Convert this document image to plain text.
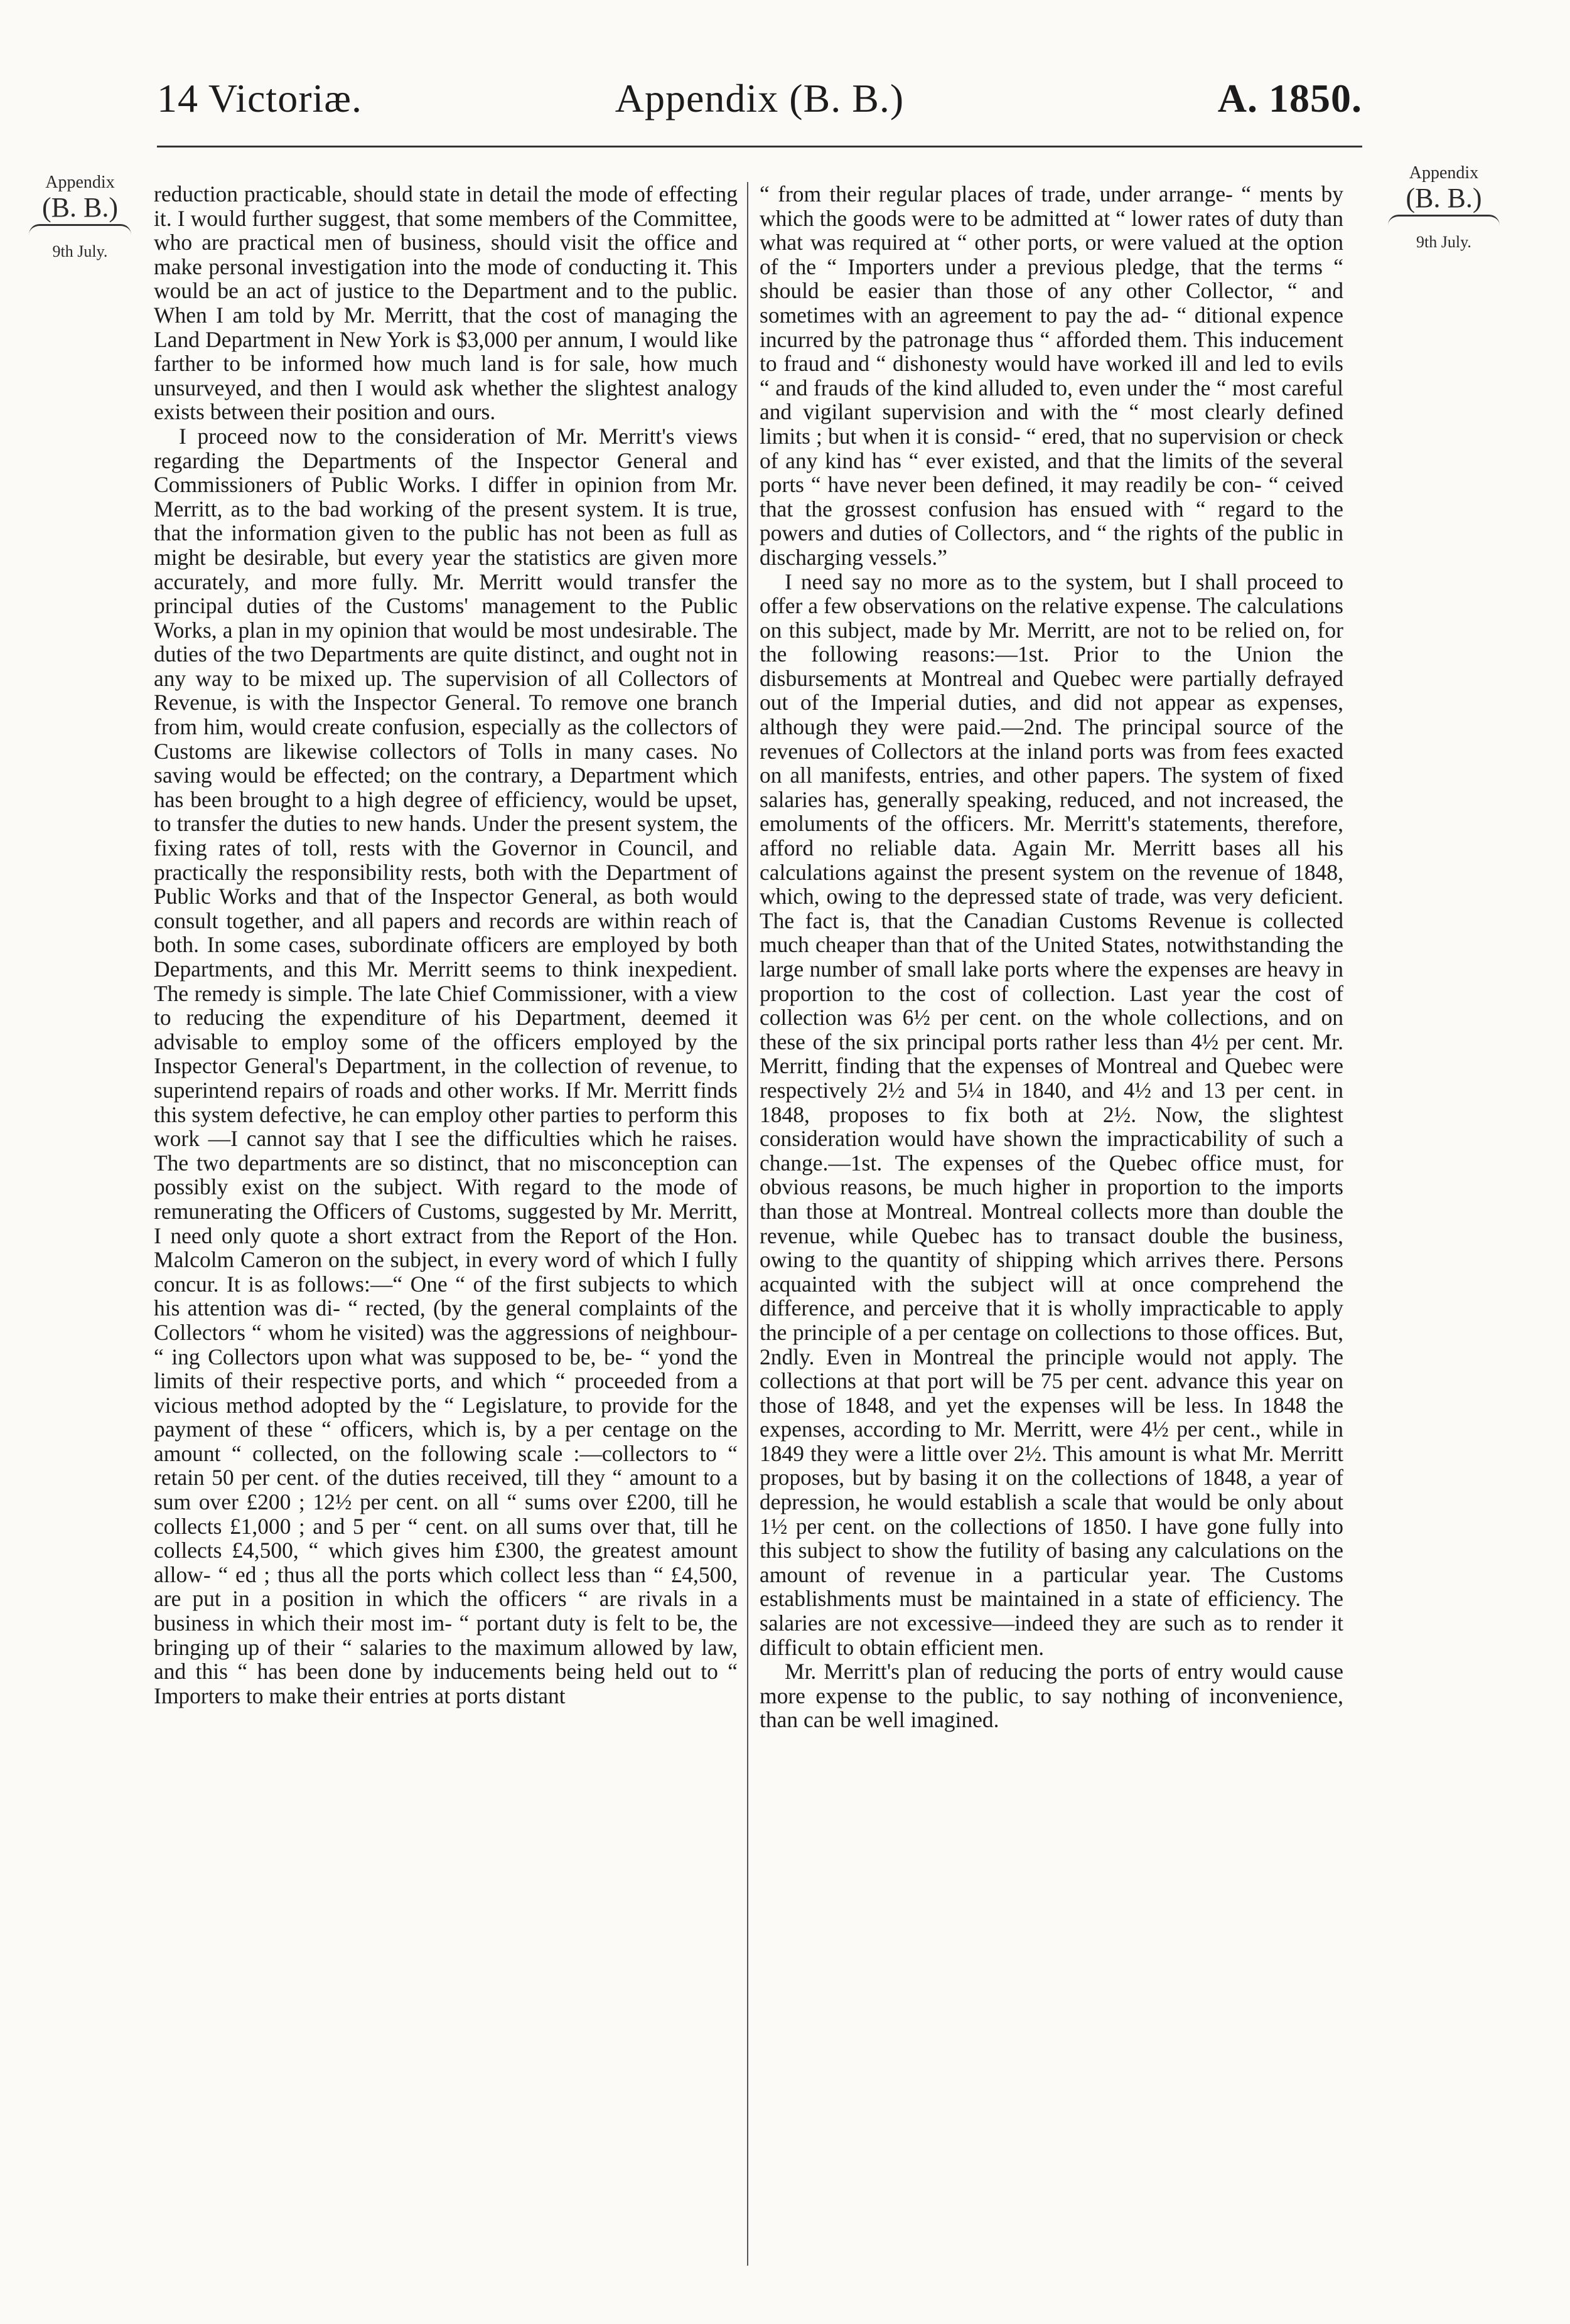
14 Victoriæ.	Appendix (B. B.)	A. 1850.
Appendix
(B. B.)
9th July.
Appendix
(B. B.)
9th July.

reduction practicable, should state in detail the mode of effecting it. I would further suggest, that some members of the Committee, who are practical men of business, should visit the office and make personal investigation into the mode of conducting it. This would be an act of justice to the Department and to the public. When I am told by Mr. Merritt, that the cost of managing the Land Department in New York is $3,000 per annum, I would like farther to be informed how much land is for sale, how much unsurveyed, and then I would ask whether the slightest analogy exists between their position and ours.

I proceed now to the consideration of Mr. Merritt's views regarding the Departments of the Inspector General and Commissioners of Public Works. I differ in opinion from Mr. Merritt, as to the bad working of the present system. It is true, that the information given to the public has not been as full as might be desirable, but every year the statistics are given more accurately, and more fully. Mr. Merritt would transfer the principal duties of the Customs' management to the Public Works, a plan in my opinion that would be most undesirable. The duties of the two Departments are quite distinct, and ought not in any way to be mixed up. The supervision of all Collectors of Revenue, is with the Inspector General. To remove one branch from him, would create confusion, especially as the collectors of Customs are likewise collectors of Tolls in many cases. No saving would be effected; on the contrary, a Department which has been brought to a high degree of efficiency, would be upset, to transfer the duties to new hands. Under the present system, the fixing rates of toll, rests with the Governor in Council, and practically the responsibility rests, both with the Department of Public Works and that of the Inspector General, as both would consult together, and all papers and records are within reach of both. In some cases, subordinate officers are employed by both Departments, and this Mr. Merritt seems to think inexpedient. The remedy is simple. The late Chief Commissioner, with a view to reducing the expenditure of his Department, deemed it advisable to employ some of the officers employed by the Inspector General's Department, in the collection of revenue, to superintend repairs of roads and other works. If Mr. Merritt finds this system defective, he can employ other parties to perform this work —I cannot say that I see the difficulties which he raises. The two departments are so distinct, that no misconception can possibly exist on the subject. With regard to the mode of remunerating the Officers of Customs, suggested by Mr. Merritt, I need only quote a short extract from the Report of the Hon. Malcolm Cameron on the subject, in every word of which I fully concur. It is as follows:—“ One “ of the first subjects to which his attention was di- “ rected, (by the general complaints of the Collectors “ whom he visited) was the aggressions of neighbour- “ ing Collectors upon what was supposed to be, be- “ yond the limits of their respective ports, and which “ proceeded from a vicious method adopted by the “ Legislature, to provide for the payment of these “ officers, which is, by a per centage on the amount “ collected, on the following scale :—collectors to “ retain 50 per cent. of the duties received, till they “ amount to a sum over £200 ; 12½ per cent. on all “ sums over £200, till he collects £1,000 ; and 5 per “ cent. on all sums over that, till he collects £4,500, “ which gives him £300, the greatest amount allow- “ ed ; thus all the ports which collect less than “ £4,500, are put in a position in which the officers “ are rivals in a business in which their most im- “ portant duty is felt to be, the bringing up of their “ salaries to the maximum allowed by law, and this “ has been done by inducements being held out to “ Importers to make their entries at ports distant

“ from their regular places of trade, under arrange- “ ments by which the goods were to be admitted at “ lower rates of duty than what was required at “ other ports, or were valued at the option of the “ Importers under a previous pledge, that the terms “ should be easier than those of any other Collector, “ and sometimes with an agreement to pay the ad- “ ditional expence incurred by the patronage thus “ afforded them. This inducement to fraud and “ dishonesty would have worked ill and led to evils “ and frauds of the kind alluded to, even under the “ most careful and vigilant supervision and with the “ most clearly defined limits ; but when it is consid- “ ered, that no supervision or check of any kind has “ ever existed, and that the limits of the several ports “ have never been defined, it may readily be con- “ ceived that the grossest confusion has ensued with “ regard to the powers and duties of Collectors, and “ the rights of the public in discharging vessels.”

I need say no more as to the system, but I shall proceed to offer a few observations on the relative expense. The calculations on this subject, made by Mr. Merritt, are not to be relied on, for the following reasons:—1st. Prior to the Union the disbursements at Montreal and Quebec were partially defrayed out of the Imperial duties, and did not appear as expenses, although they were paid.—2nd. The principal source of the revenues of Collectors at the inland ports was from fees exacted on all manifests, entries, and other papers. The system of fixed salaries has, generally speaking, reduced, and not increased, the emoluments of the officers. Mr. Merritt's statements, therefore, afford no reliable data. Again Mr. Merritt bases all his calculations against the present system on the revenue of 1848, which, owing to the depressed state of trade, was very deficient. The fact is, that the Canadian Customs Revenue is collected much cheaper than that of the United States, notwithstanding the large number of small lake ports where the expenses are heavy in proportion to the cost of collection. Last year the cost of collection was 6½ per cent. on the whole collections, and on these of the six principal ports rather less than 4½ per cent. Mr. Merritt, finding that the expenses of Montreal and Quebec were respectively 2½ and 5¼ in 1840, and 4½ and 13 per cent. in 1848, proposes to fix both at 2½. Now, the slightest consideration would have shown the impracticability of such a change.—1st. The expenses of the Quebec office must, for obvious reasons, be much higher in proportion to the imports than those at Montreal. Montreal collects more than double the revenue, while Quebec has to transact double the business, owing to the quantity of shipping which arrives there. Persons acquainted with the subject will at once comprehend the difference, and perceive that it is wholly impracticable to apply the principle of a per centage on collections to those offices. But, 2ndly. Even in Montreal the principle would not apply. The collections at that port will be 75 per cent. advance this year on those of 1848, and yet the expenses will be less. In 1848 the expenses, according to Mr. Merritt, were 4½ per cent., while in 1849 they were a little over 2½. This amount is what Mr. Merritt proposes, but by basing it on the collections of 1848, a year of depression, he would establish a scale that would be only about 1½ per cent. on the collections of 1850. I have gone fully into this subject to show the futility of basing any calculations on the amount of revenue in a particular year. The Customs establishments must be maintained in a state of efficiency. The salaries are not excessive—indeed they are such as to render it difficult to obtain efficient men.

Mr. Merritt's plan of reducing the ports of entry would cause more expense to the public, to say nothing of inconvenience, than can be well imagined.
